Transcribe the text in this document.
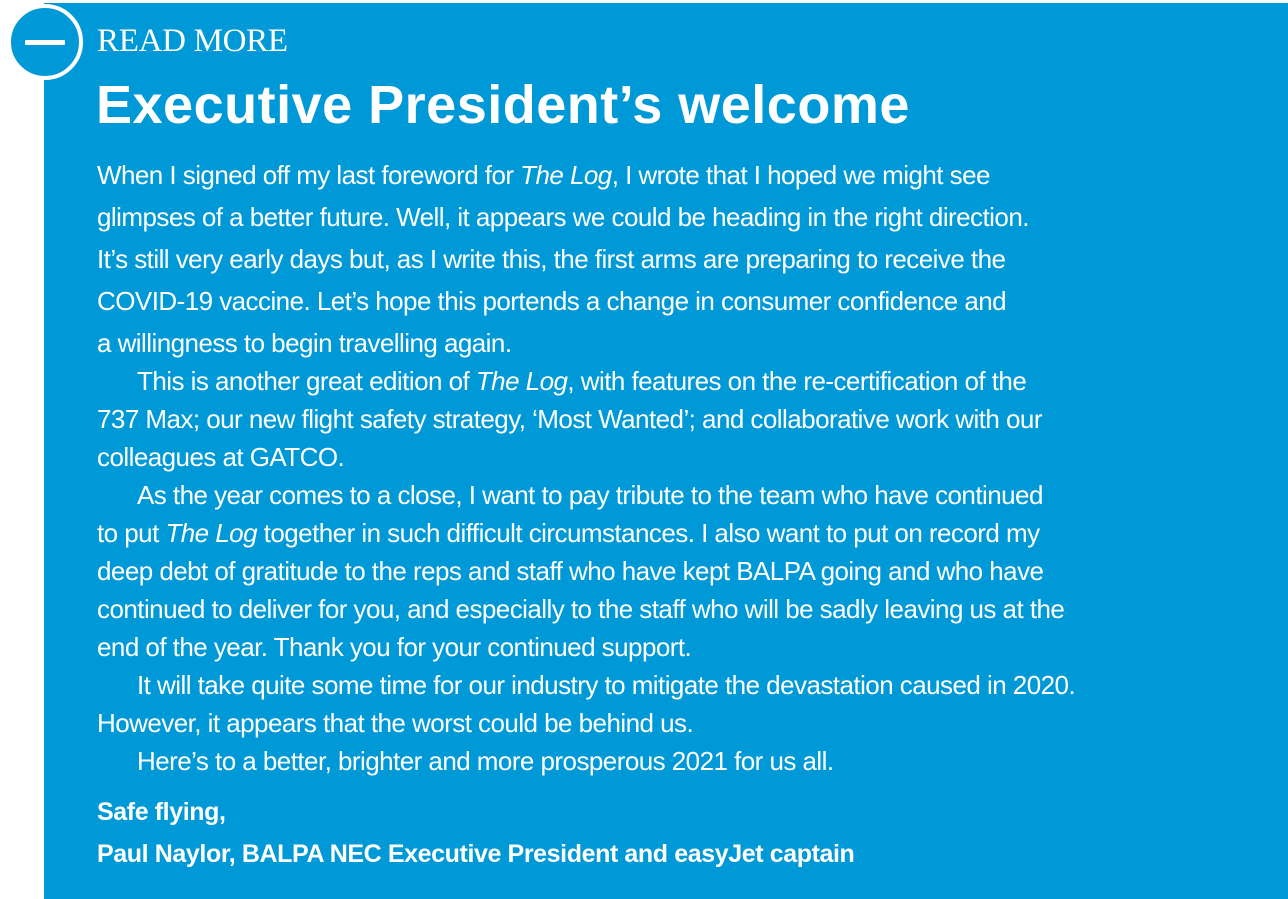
READ MORE
Executive President’s welcome
When I signed off my last foreword for The Log, I wrote that I hoped we might see
glimpses of a better future. Well, it appears we could be heading in the right direction.
It’s still very early days but, as I write this, the first arms are preparing to receive the
COVID-19 vaccine. Let’s hope this portends a change in consumer confidence and
a willingness to begin travelling again.
This is another great edition of The Log, with features on the re-certification of the
737 Max; our new flight safety strategy, ‘Most Wanted’; and collaborative work with our
colleagues at GATCO.
As the year comes to a close, I want to pay tribute to the team who have continued
to put The Log together in such difficult circumstances. I also want to put on record my
deep debt of gratitude to the reps and staff who have kept BALPA going and who have
continued to deliver for you, and especially to the staff who will be sadly leaving us at the
end of the year. Thank you for your continued support.
It will take quite some time for our industry to mitigate the devastation caused in 2020.
However, it appears that the worst could be behind us.
Here’s to a better, brighter and more prosperous 2021 for us all.
Safe flying,
Paul Naylor, BALPA NEC Executive President and easyJet captain
